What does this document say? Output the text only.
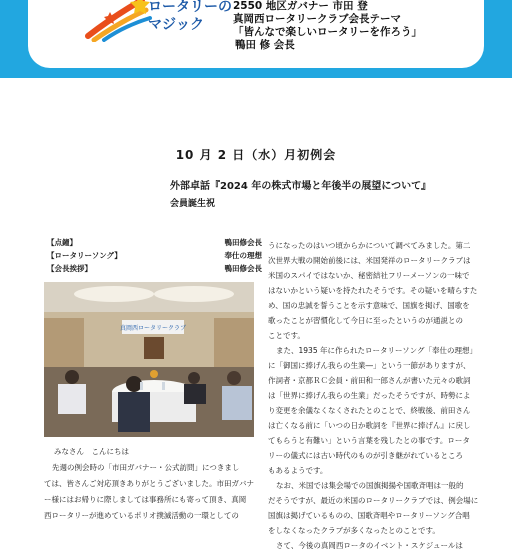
ロータリーの
マジック
2550 地区ガバナー 市田 登
真岡西ロータリークラブ会長テーマ
「皆んなで楽しいロータリーを作ろう」
鴨田 修 会長
10 月 2 日（水）月初例会
外部卓話『2024 年の株式市場と年後半の展望について』
会員誕生祝
【点鐘】	鴨田修会長
【ロータリーソング】	奉仕の理想
【会長挨拶】	鴨田修会長
真岡西ロータリークラブ
みなさん　こんにちは
先週の例会時の「市田ガバナー・公式訪問」につきまし
ては、皆さんご対応頂きありがとうございました。市田ガバナ
ー様にはお帰りに際しましては事務所にも寄って頂き、真岡
西ロータリーが進めているポリオ撲滅活動の一環としての
うになったのはいつ頃からかについて調べてみました。第二
次世界大戦の開始前後には、米国発祥のロータリークラブは
米国のスパイではないか、秘密結社フリーメーソンの一味で
はないかという疑いを持たれたそうです。その疑いを晴らすた
め、国の忠誠を誓うことを示す意味で、国旗を掲げ、国歌を
歌ったことが習慣化して今日に至ったというのが通説との
ことです。
また、1935 年に作られたロータリーソング「奉仕の理想」
に「御国に捧げん我らの生業―」という一節がありますが、
作詞者・京都ＲＣ会員・前田和一郎さんが書いた元々の歌詞
は「世界に捧げん我らの生業」だったそうですが、時勢によ
り変更を余儀なくなくされたとのことで、終戦後、前田さん
は亡くなる前に「いつの日か歌詞を『世界に捧げん』に戻し
てもらうと有難い」という言葉を残したとの事です。ロータ
リーの儀式には古い時代のものが引き継がれているところ
もあるようです。
なお、米国では集会場での国旗掲揚や国歌斉唱は一般的
だそうですが、最近の米国のロータリークラブでは、例会場に
国旗は掲げているものの、国歌斉唱やロータリーソング合唱
をしなくなったクラブが多くなったとのことです。
さて、今後の真岡西ロータのイベント・スケジュールは
